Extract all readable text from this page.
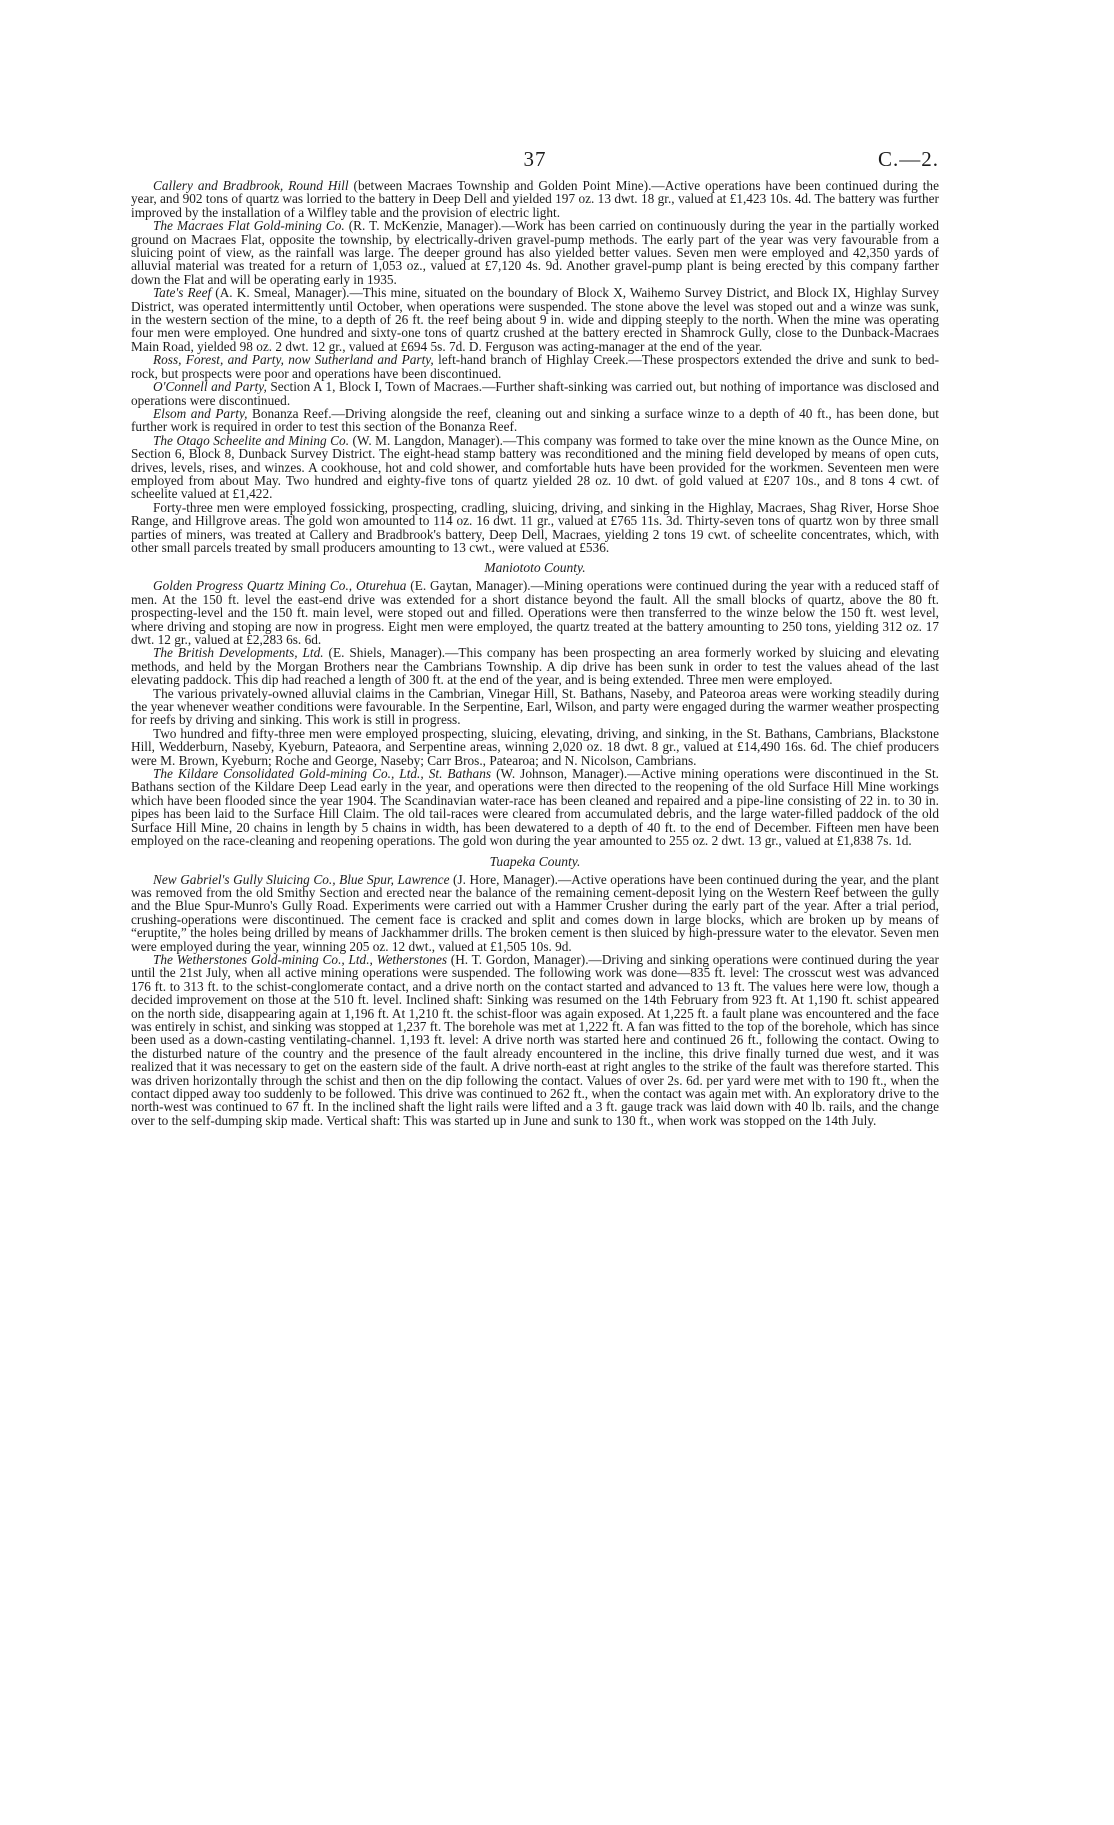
37	C.—2.

Callery and Bradbrook, Round Hill (between Macraes Township and Golden Point Mine).—Active operations have been continued during the year, and 902 tons of quartz was lorried to the battery in Deep Dell and yielded 197 oz. 13 dwt. 18 gr., valued at £1,423 10s. 4d. The battery was further improved by the installation of a Wilfley table and the provision of electric light.

The Macraes Flat Gold-mining Co. (R. T. McKenzie, Manager).—Work has been carried on continuously during the year in the partially worked ground on Macraes Flat, opposite the township, by electrically-driven gravel-pump methods. The early part of the year was very favourable from a sluicing point of view, as the rainfall was large. The deeper ground has also yielded better values. Seven men were employed and 42,350 yards of alluvial material was treated for a return of 1,053 oz., valued at £7,120 4s. 9d. Another gravel-pump plant is being erected by this company farther down the Flat and will be operating early in 1935.

Tate's Reef (A. K. Smeal, Manager).—This mine, situated on the boundary of Block X, Waihemo Survey District, and Block IX, Highlay Survey District, was operated intermittently until October, when operations were suspended. The stone above the level was stoped out and a winze was sunk, in the western section of the mine, to a depth of 26 ft. the reef being about 9 in. wide and dipping steeply to the north. When the mine was operating four men were employed. One hundred and sixty-one tons of quartz crushed at the battery erected in Shamrock Gully, close to the Dunback-Macraes Main Road, yielded 98 oz. 2 dwt. 12 gr., valued at £694 5s. 7d. D. Ferguson was acting-manager at the end of the year.

Ross, Forest, and Party, now Sutherland and Party, left-hand branch of Highlay Creek.—These prospectors extended the drive and sunk to bed-rock, but prospects were poor and operations have been discontinued.

O'Connell and Party, Section A 1, Block I, Town of Macraes.—Further shaft-sinking was carried out, but nothing of importance was disclosed and operations were discontinued.

Elsom and Party, Bonanza Reef.—Driving alongside the reef, cleaning out and sinking a surface winze to a depth of 40 ft., has been done, but further work is required in order to test this section of the Bonanza Reef.

The Otago Scheelite and Mining Co. (W. M. Langdon, Manager).—This company was formed to take over the mine known as the Ounce Mine, on Section 6, Block 8, Dunback Survey District. The eight-head stamp battery was reconditioned and the mining field developed by means of open cuts, drives, levels, rises, and winzes. A cookhouse, hot and cold shower, and comfortable huts have been provided for the workmen. Seventeen men were employed from about May. Two hundred and eighty-five tons of quartz yielded 28 oz. 10 dwt. of gold valued at £207 10s., and 8 tons 4 cwt. of scheelite valued at £1,422.

Forty-three men were employed fossicking, prospecting, cradling, sluicing, driving, and sinking in the Highlay, Macraes, Shag River, Horse Shoe Range, and Hillgrove areas. The gold won amounted to 114 oz. 16 dwt. 11 gr., valued at £765 11s. 3d. Thirty-seven tons of quartz won by three small parties of miners, was treated at Callery and Bradbrook's battery, Deep Dell, Macraes, yielding 2 tons 19 cwt. of scheelite concentrates, which, with other small parcels treated by small producers amounting to 13 cwt., were valued at £536.

Maniototo County.

Golden Progress Quartz Mining Co., Oturehua (E. Gaytan, Manager).—Mining operations were continued during the year with a reduced staff of men. At the 150 ft. level the east-end drive was extended for a short distance beyond the fault. All the small blocks of quartz, above the 80 ft. prospecting-level and the 150 ft. main level, were stoped out and filled. Operations were then transferred to the winze below the 150 ft. west level, where driving and stoping are now in progress. Eight men were employed, the quartz treated at the battery amounting to 250 tons, yielding 312 oz. 17 dwt. 12 gr., valued at £2,283 6s. 6d.

The British Developments, Ltd. (E. Shiels, Manager).—This company has been prospecting an area formerly worked by sluicing and elevating methods, and held by the Morgan Brothers near the Cambrians Township. A dip drive has been sunk in order to test the values ahead of the last elevating paddock. This dip had reached a length of 300 ft. at the end of the year, and is being extended. Three men were employed.

The various privately-owned alluvial claims in the Cambrian, Vinegar Hill, St. Bathans, Naseby, and Pateoroa areas were working steadily during the year whenever weather conditions were favourable. In the Serpentine, Earl, Wilson, and party were engaged during the warmer weather prospecting for reefs by driving and sinking. This work is still in progress.

Two hundred and fifty-three men were employed prospecting, sluicing, elevating, driving, and sinking, in the St. Bathans, Cambrians, Blackstone Hill, Wedderburn, Naseby, Kyeburn, Pateaora, and Serpentine areas, winning 2,020 oz. 18 dwt. 8 gr., valued at £14,490 16s. 6d. The chief producers were M. Brown, Kyeburn; Roche and George, Naseby; Carr Bros., Patearoa; and N. Nicolson, Cambrians.

The Kildare Consolidated Gold-mining Co., Ltd., St. Bathans (W. Johnson, Manager).—Active mining operations were discontinued in the St. Bathans section of the Kildare Deep Lead early in the year, and operations were then directed to the reopening of the old Surface Hill Mine workings which have been flooded since the year 1904. The Scandinavian water-race has been cleaned and repaired and a pipe-line consisting of 22 in. to 30 in. pipes has been laid to the Surface Hill Claim. The old tail-races were cleared from accumulated debris, and the large water-filled paddock of the old Surface Hill Mine, 20 chains in length by 5 chains in width, has been dewatered to a depth of 40 ft. to the end of December. Fifteen men have been employed on the race-cleaning and reopening operations. The gold won during the year amounted to 255 oz. 2 dwt. 13 gr., valued at £1,838 7s. 1d.

Tuapeka County.

New Gabriel's Gully Sluicing Co., Blue Spur, Lawrence (J. Hore, Manager).—Active operations have been continued during the year, and the plant was removed from the old Smithy Section and erected near the balance of the remaining cement-deposit lying on the Western Reef between the gully and the Blue Spur-Munro's Gully Road. Experiments were carried out with a Hammer Crusher during the early part of the year. After a trial period, crushing-operations were discontinued. The cement face is cracked and split and comes down in large blocks, which are broken up by means of “eruptite,” the holes being drilled by means of Jackhammer drills. The broken cement is then sluiced by high-pressure water to the elevator. Seven men were employed during the year, winning 205 oz. 12 dwt., valued at £1,505 10s. 9d.

The Wetherstones Gold-mining Co., Ltd., Wetherstones (H. T. Gordon, Manager).—Driving and sinking operations were continued during the year until the 21st July, when all active mining operations were suspended. The following work was done—835 ft. level: The crosscut west was advanced 176 ft. to 313 ft. to the schist-conglomerate contact, and a drive north on the contact started and advanced to 13 ft. The values here were low, though a decided improvement on those at the 510 ft. level. Inclined shaft: Sinking was resumed on the 14th February from 923 ft. At 1,190 ft. schist appeared on the north side, disappearing again at 1,196 ft. At 1,210 ft. the schist-floor was again exposed. At 1,225 ft. a fault plane was encountered and the face was entirely in schist, and sinking was stopped at 1,237 ft. The borehole was met at 1,222 ft. A fan was fitted to the top of the borehole, which has since been used as a down-casting ventilating-channel. 1,193 ft. level: A drive north was started here and continued 26 ft., following the contact. Owing to the disturbed nature of the country and the presence of the fault already encountered in the incline, this drive finally turned due west, and it was realized that it was necessary to get on the eastern side of the fault. A drive north-east at right angles to the strike of the fault was therefore started. This was driven horizontally through the schist and then on the dip following the contact. Values of over 2s. 6d. per yard were met with to 190 ft., when the contact dipped away too suddenly to be followed. This drive was continued to 262 ft., when the contact was again met with. An exploratory drive to the north-west was continued to 67 ft. In the inclined shaft the light rails were lifted and a 3 ft. gauge track was laid down with 40 lb. rails, and the change over to the self-dumping skip made. Vertical shaft: This was started up in June and sunk to 130 ft., when work was stopped on the 14th July.
